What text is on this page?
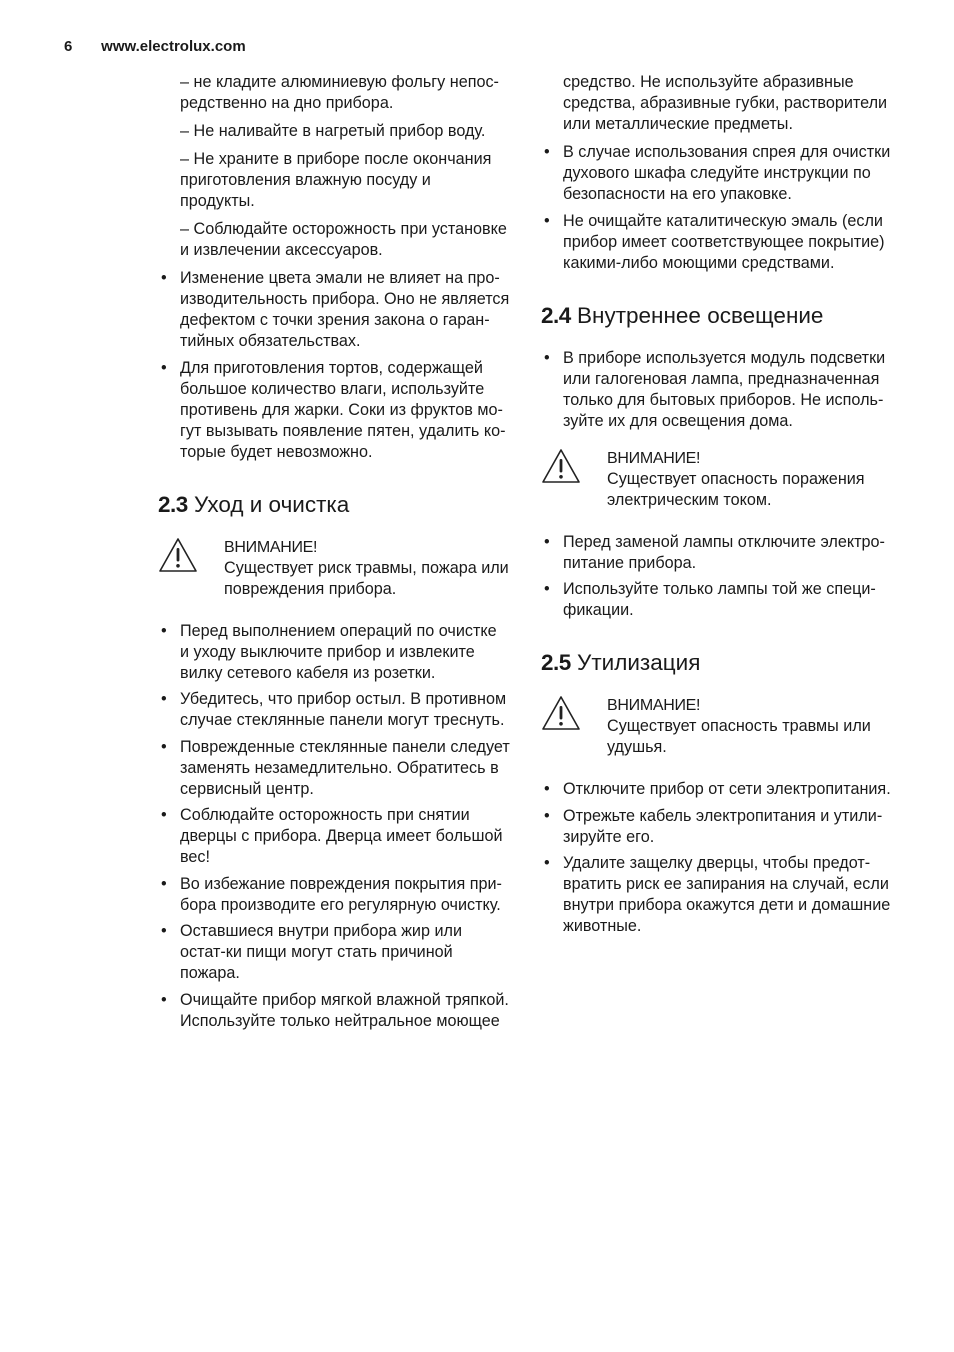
6 www.electrolux.com
– не кладите алюминиевую фольгу непос-редственно на дно прибора.
– Не наливайте в нагретый прибор воду.
– Не храните в приборе после окончания приготовления влажную посуду и продукты.
– Соблюдайте осторожность при установке и извлечении аксессуаров.
• Изменение цвета эмали не влияет на про-изводительность прибора. Оно не является дефектом с точки зрения закона о гаран-тийных обязательствах.
• Для приготовления тортов, содержащей большое количество влаги, используйте противень для жарки. Соки из фруктов мо-гут вызывать появление пятен, удалить ко-торые будет невозможно.
2.3 Уход и очистка
ВНИМАНИЕ!
Существует риск травмы, пожара или повреждения прибора.
• Перед выполнением операций по очистке и уходу выключите прибор и извлеките вилку сетевого кабеля из розетки.
• Убедитесь, что прибор остыл. В противном случае стеклянные панели могут треснуть.
• Поврежденные стеклянные панели следует заменять незамедлительно. Обратитесь в сервисный центр.
• Соблюдайте осторожность при снятии дверцы с прибора. Дверца имеет большой вес!
• Во избежание повреждения покрытия при-бора производите его регулярную очистку.
• Оставшиеся внутри прибора жир или остат-ки пищи могут стать причиной пожара.
• Очищайте прибор мягкой влажной тряпкой. Используйте только нейтральное моющее
средство. Не используйте абразивные средства, абразивные губки, растворители или металлические предметы.
• В случае использования спрея для очистки духового шкафа следуйте инструкции по безопасности на его упаковке.
• Не очищайте каталитическую эмаль (если прибор имеет соответствующее покрытие) какими-либо моющими средствами.
2.4 Внутреннее освещение
• В приборе используется модуль подсветки или галогеновая лампа, предназначенная только для бытовых приборов. Не исполь-зуйте их для освещения дома.
ВНИМАНИЕ!
Существует опасность поражения электрическим током.
• Перед заменой лампы отключите электро-питание прибора.
• Используйте только лампы той же специ-фикации.
2.5 Утилизация
ВНИМАНИЕ!
Существует опасность травмы или удушья.
• Отключите прибор от сети электропитания.
• Отрежьте кабель электропитания и утили-зируйте его.
• Удалите защелку дверцы, чтобы предот-вратить риск ее запирания на случай, если внутри прибора окажутся дети и домашние животные.
